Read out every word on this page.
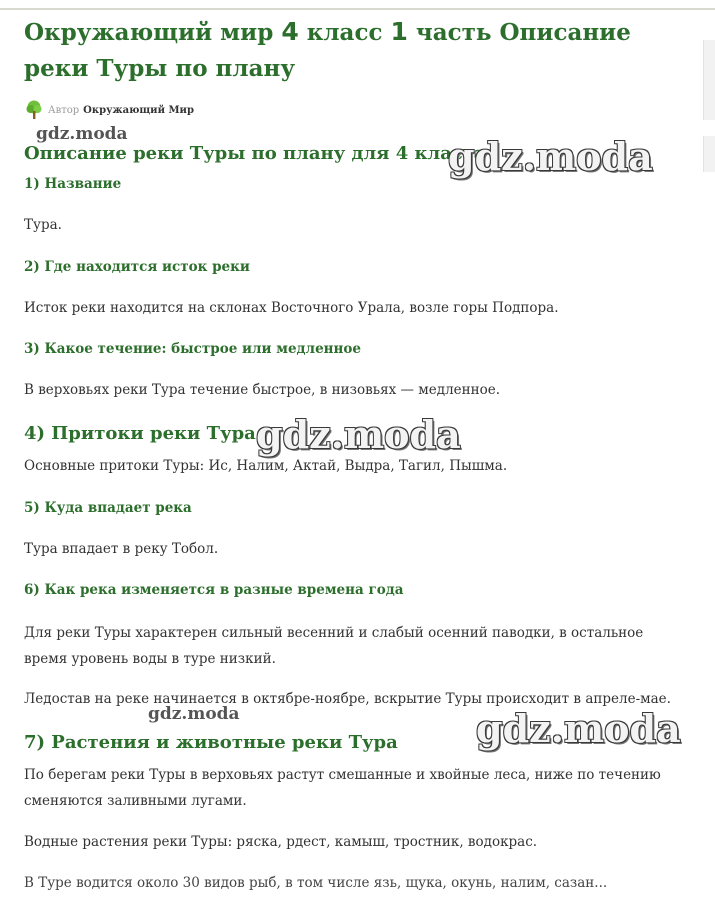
Окружающий мир 4 класс 1 часть Описание реки Туры по плану
Автор Окружающий Мир
gdz.moda
Описание реки Туры по плану для 4 класса
gdz.moda
1) Название

Тура.

2) Где находится исток реки

Исток реки находится на склонах Восточного Урала, возле горы Подпора.

3) Какое течение: быстрое или медленное

В верховьях реки Тура течение быстрое, в низовьях — медленное.

4) Притоки реки Тура gdz.moda

Основные притоки Туры: Ис, Налим, Актай, Выдра, Тагил, Пышма.

5) Куда впадает река

Тура впадает в реку Тобол.

6) Как река изменяется в разные времена года

Для реки Туры характерен сильный весенний и слабый осенний паводки, в остальное время уровень воды в туре низкий.

Ледостав на реке начинается в октябре-ноябре, вскрытие Туры происходит в апреле-мае.

gdz.moda
7) Растения и животные реки Тура gdz.moda

По берегам реки Туры в верховьях растут смешанные и хвойные леса, ниже по течению сменяются заливными лугами.

Водные растения реки Туры: ряска, рдест, камыш, тростник, водокрас.

В Туре водится около 30 видов рыб, в том числе язь, щука, окунь, налим, сазан...
